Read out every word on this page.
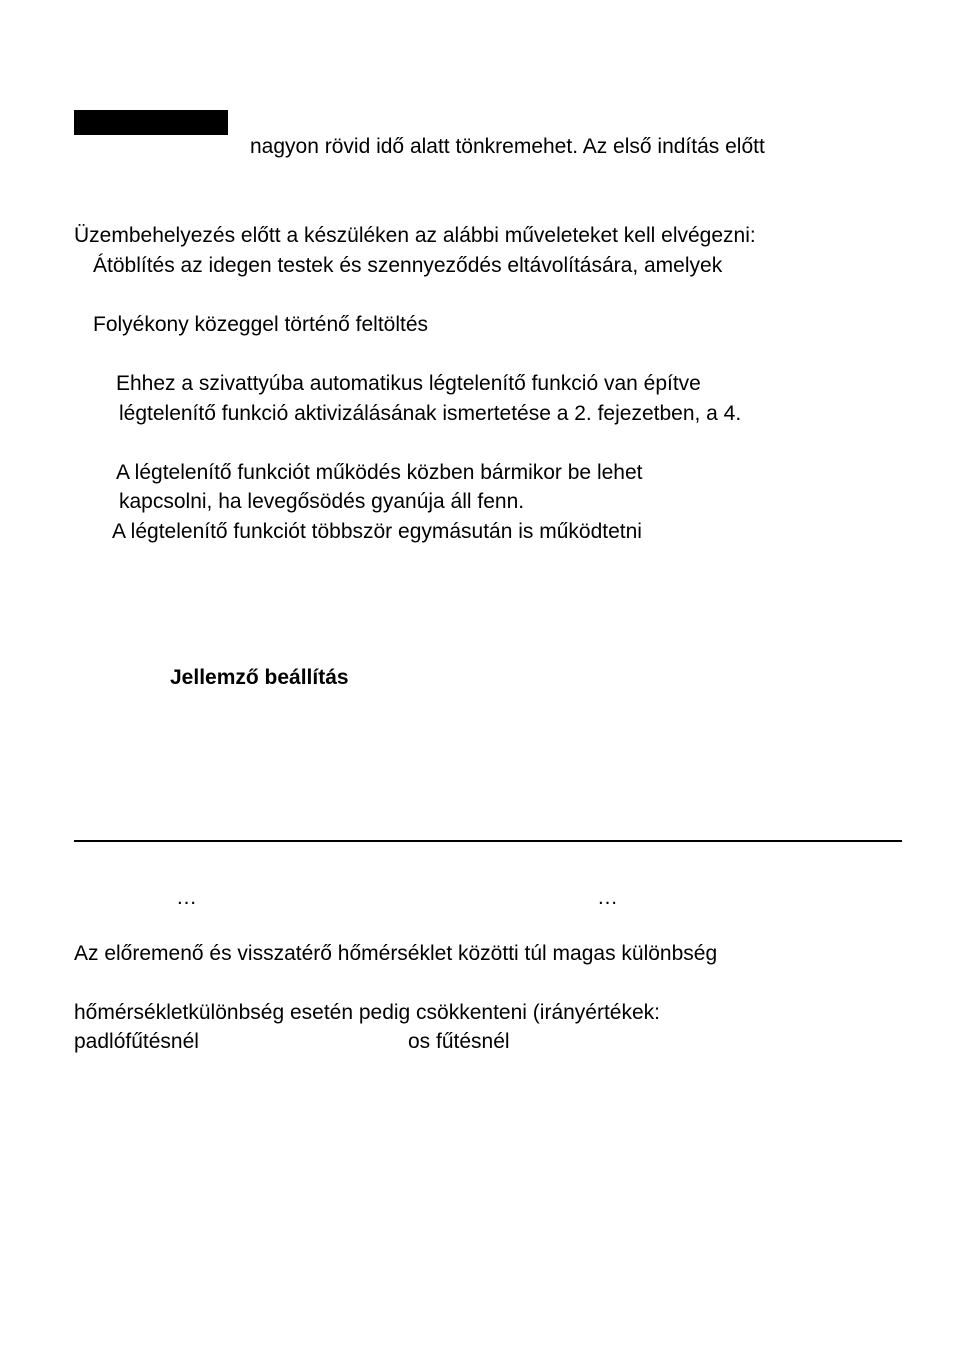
nagyon rövid idő alatt tönkremehet. Az első indítás előtt
Üzembehelyezés előtt a készüléken az alábbi műveleteket kell elvégezni:
Átöblítés az idegen testek és szennyeződés eltávolítására, amelyek
Folyékony közeggel történő feltöltés
Ehhez a szivattyúba automatikus légtelenítő funkció van építve
légtelenítő funkció aktivizálásának ismertetése a 2. fejezetben, a 4.
A légtelenítő funkciót működés közben bármikor be lehet
kapcsolni, ha levegősödés gyanúja áll fenn.
A légtelenítő funkciót többször egymásután is működtetni
Jellemző beállítás
…	…
Az előremenő és visszatérő hőmérséklet közötti túl magas különbség
hőmérsékletkülönbség esetén pedig csökkenteni (irányértékek:
padlófűtésnél	os fűtésnél
